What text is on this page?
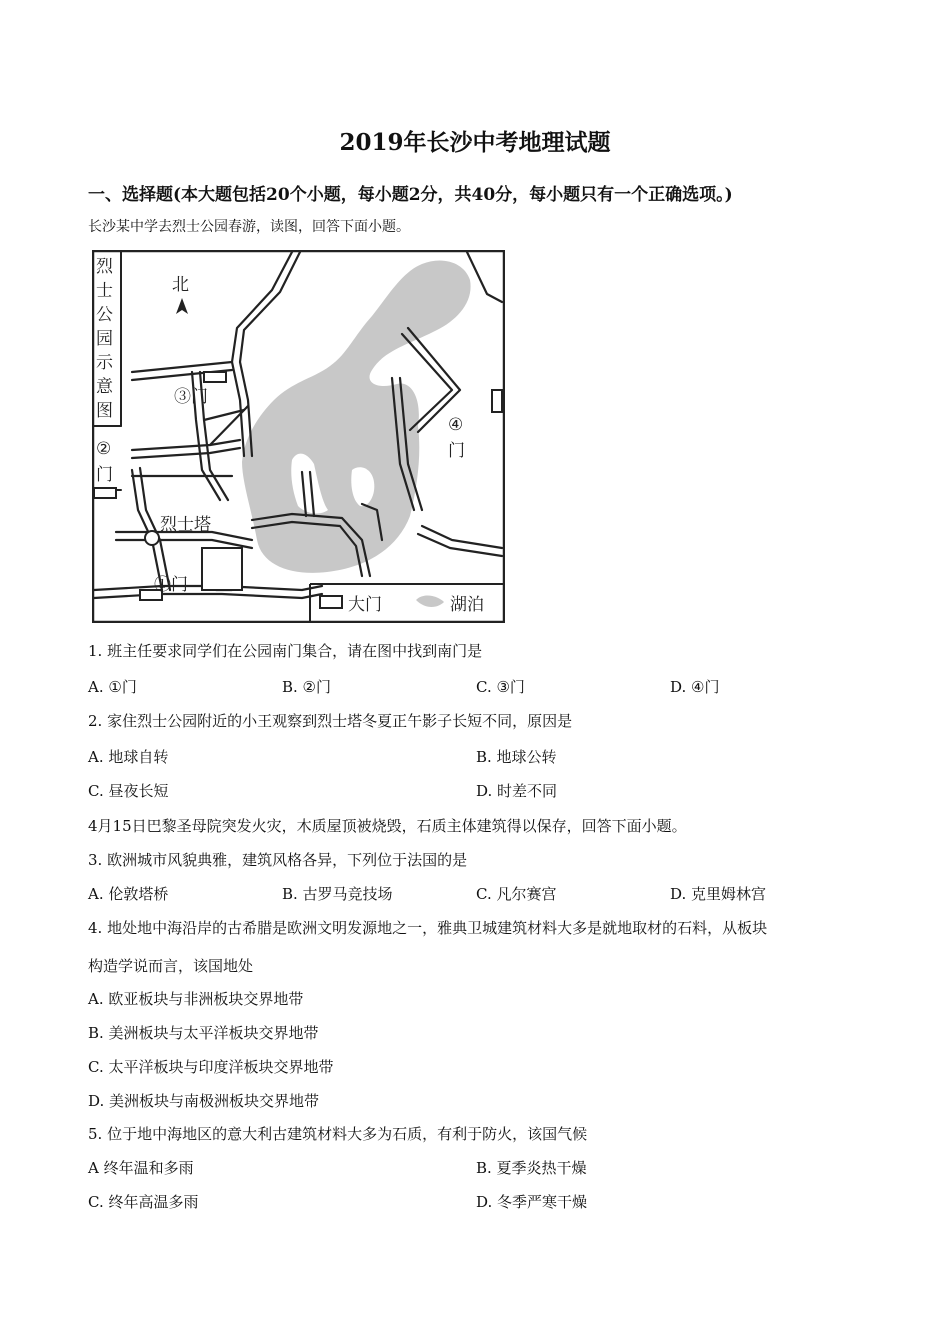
2019年长沙中考地理试题
一、选择题(本大题包括20个小题，每小题2分，共40分，每小题只有一个正确选项。)
长沙某中学去烈士公园春游，读图，回答下面小题。
烈
士
公
园
示
意
图
北
③门
②
门
④
门
烈士塔
①门
大门	湖泊
1. 班主任要求同学们在公园南门集合，请在图中找到南门是
A. ①门	B. ②门	C. ③门	D. ④门
2. 家住烈士公园附近的小王观察到烈士塔冬夏正午影子长短不同，原因是
A. 地球自转	B. 地球公转
C. 昼夜长短	D. 时差不同
4月15日巴黎圣母院突发火灾，木质屋顶被烧毁，石质主体建筑得以保存，回答下面小题。
3. 欧洲城市风貌典雅，建筑风格各异，下列位于法国的是
A. 伦敦塔桥	B. 古罗马竞技场	C. 凡尔赛宫	D. 克里姆林宫
4. 地处地中海沿岸的古希腊是欧洲文明发源地之一，雅典卫城建筑材料大多是就地取材的石料，从板块
构造学说而言，该国地处
A. 欧亚板块与非洲板块交界地带
B. 美洲板块与太平洋板块交界地带
C. 太平洋板块与印度洋板块交界地带
D. 美洲板块与南极洲板块交界地带
5. 位于地中海地区的意大利古建筑材料大多为石质，有利于防火，该国气候
A 终年温和多雨	B. 夏季炎热干燥
C. 终年高温多雨	D. 冬季严寒干燥
